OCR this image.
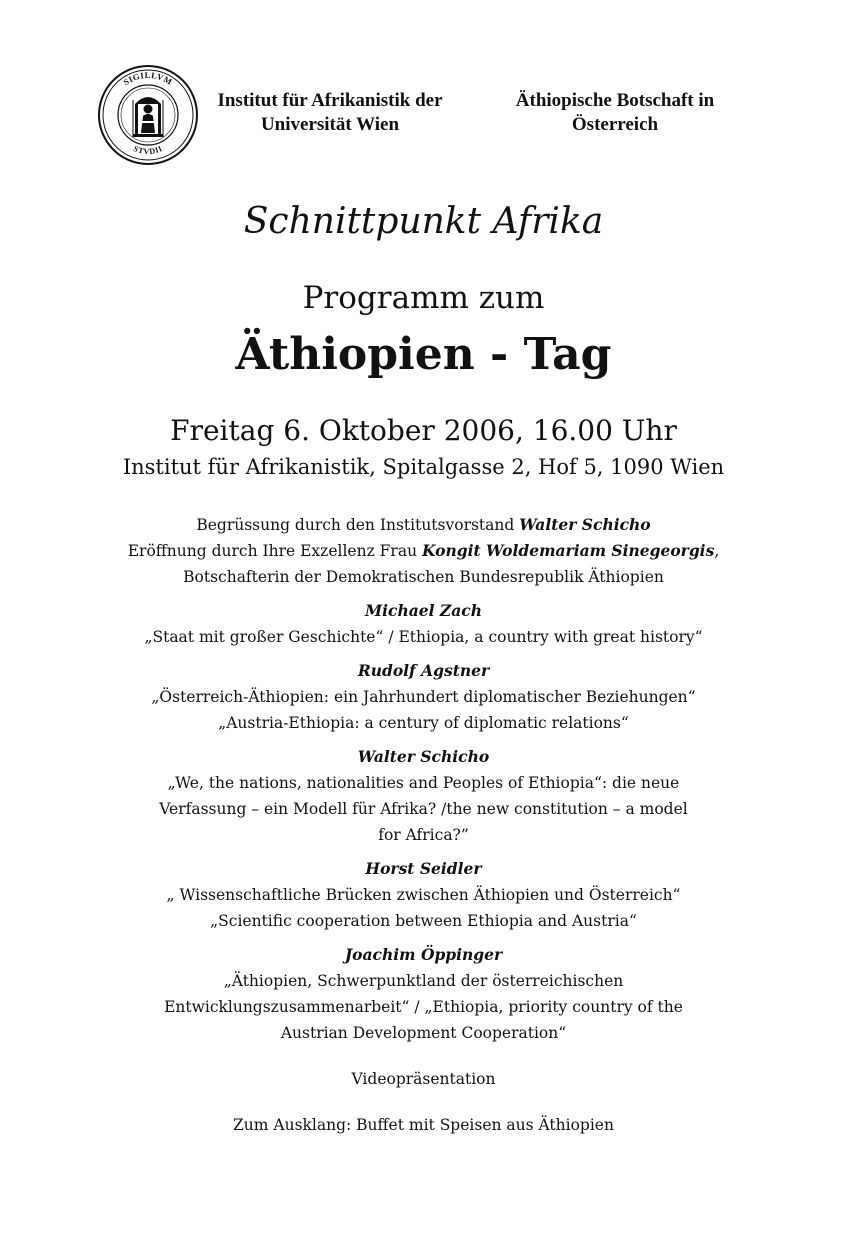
SIGILLVM
STVDII
Institut für Afrikanistik der
Universität Wien
Äthiopische Botschaft in
Österreich
Schnittpunkt Afrika
Programm zum
Äthiopien - Tag
Freitag 6. Oktober 2006, 16.00 Uhr
Institut für Afrikanistik, Spitalgasse 2, Hof 5, 1090 Wien
Begrüssung durch den Institutsvorstand Walter Schicho
Eröffnung durch Ihre Exzellenz Frau Kongit Woldemariam Sinegeorgis,
Botschafterin der Demokratischen Bundesrepublik Äthiopien
Michael Zach
„Staat mit großer Geschichte“ / Ethiopia, a country with great history“
Rudolf Agstner
„Österreich-Äthiopien: ein Jahrhundert diplomatischer Beziehungen“
„Austria-Ethiopia: a century of diplomatic relations“
Walter Schicho
„We, the nations, nationalities and Peoples of Ethiopia“: die neue
Verfassung – ein Modell für Afrika? /the new constitution – a model
for Africa?”
Horst Seidler
„ Wissenschaftliche Brücken zwischen Äthiopien und Österreich“
„Scientific cooperation between Ethiopia and Austria“
Joachim Öppinger
„Äthiopien, Schwerpunktland der österreichischen
Entwicklungszusammenarbeit“ / „Ethiopia, priority country of the
Austrian Development Cooperation“
Videopräsentation
Zum Ausklang: Buffet mit Speisen aus Äthiopien
